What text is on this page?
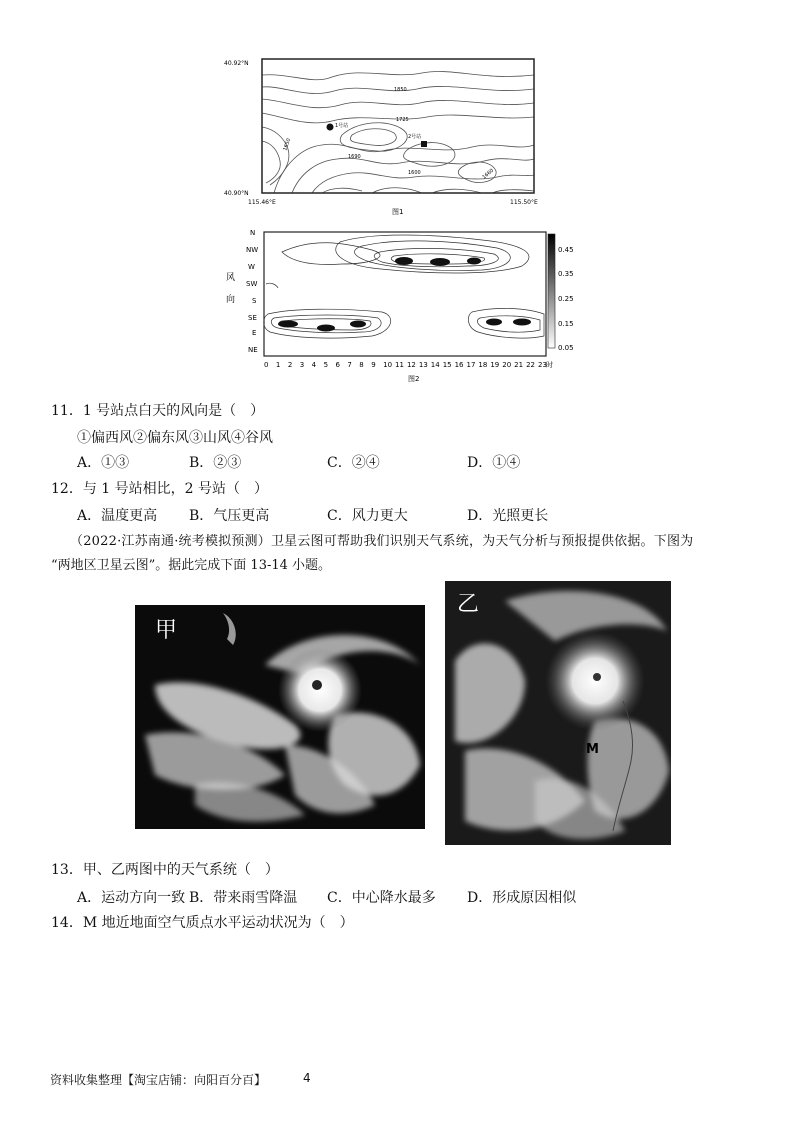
1号站
2号站
1850
1725
1690
1650
1600	1660
40.92°N
40.90°N
115.46°E	115.50°E
图1
N
NW
W
SW
S
SE
E
NE
风
向
0.45
0.35
0.25
0.15
0.05
0 1 2 3 4 5 6 7 8 9 10 11 12 13 14 15 16 17 18 19 20 21 22 23 时
图2
11．1 号站点白天的风向是（　）
①偏西风②偏东风③山风④谷风
A．①③	B．②③	C．②④	D．①④
12．与 1 号站相比，2 号站（　）
A．温度更高 B．气压更高	C．风力更大	D．光照更长
（2022·江苏南通·统考模拟预测）卫星云图可帮助我们识别天气系统，为天气分析与预报提供依据。下图为
“两地区卫星云图”。据此完成下面 13-14 小题。
甲
乙
M
13．甲、乙两图中的天气系统（　）
A．运动方向一致 B．带来雨雪降温 C．中心降水最多 D．形成原因相似
14．M 地近地面空气质点水平运动状况为（　）
资料收集整理【淘宝店铺：向阳百分百】	4
